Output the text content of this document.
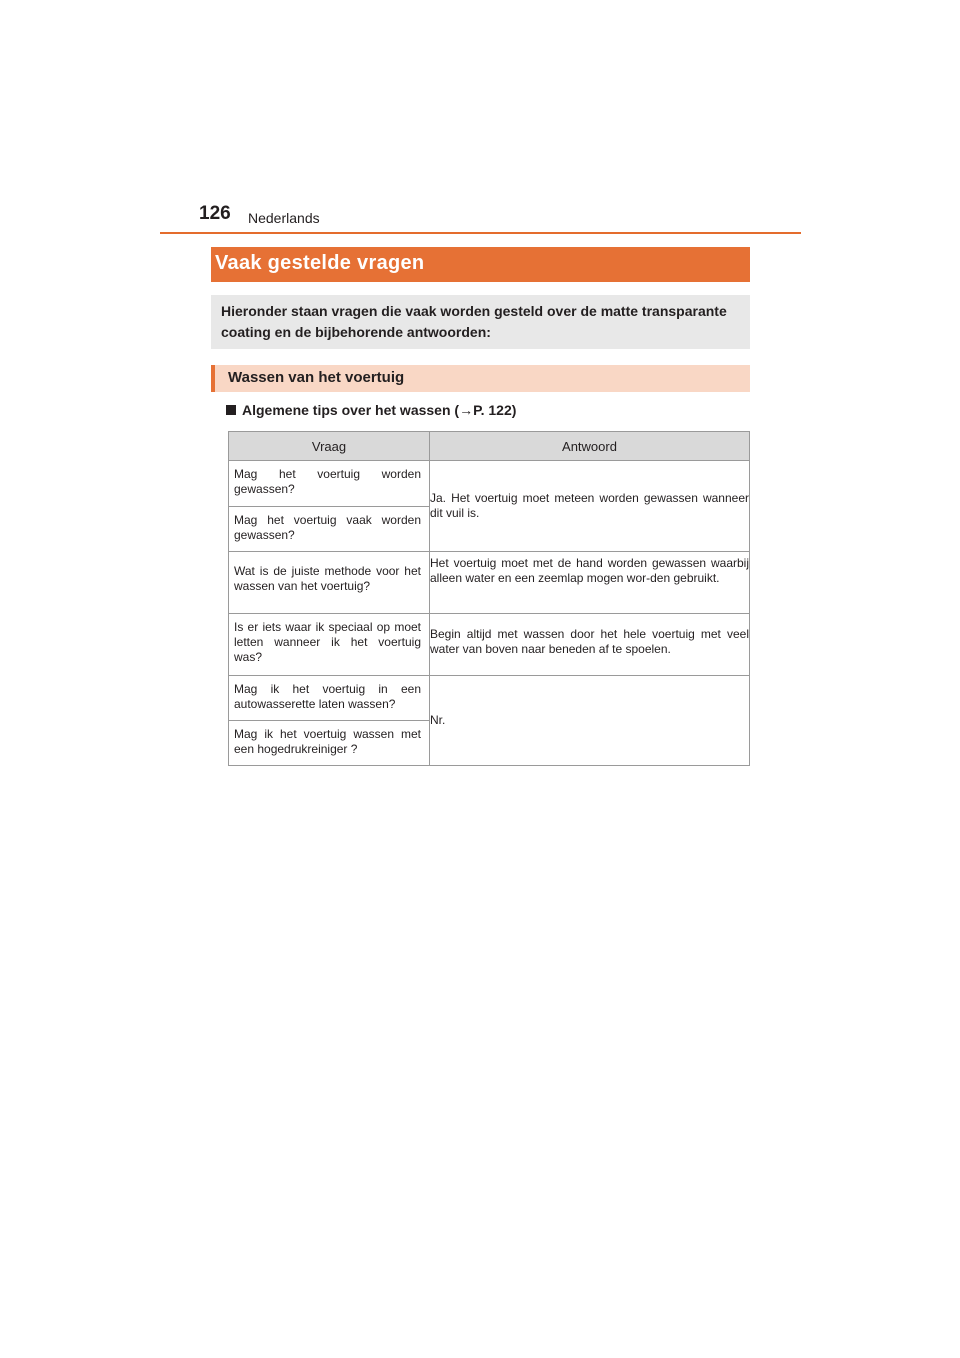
126 Nederlands
Vaak gestelde vragen
Hieronder staan vragen die vaak worden gesteld over de matte transparante coating en de bijbehorende antwoorden:
Wassen van het voertuig
Algemene tips over het wassen (→P. 122)
Vraag	Antwoord

Mag het voertuig worden gewassen?	Ja. Het voertuig moet meteen worden gewassen wanneer dit vuil is.

Mag het voertuig vaak worden gewassen?	

Wat is de juiste methode voor het wassen van het voertuig?	Het voertuig moet met de hand worden gewassen waarbij alleen water en een zeemlap mogen wor-den gebruikt.

Is er iets waar ik speciaal op moet letten wanneer ik het voertuig was?	Begin altijd met wassen door het hele voertuig met veel water van boven naar beneden af te spoelen.

Mag ik het voertuig in een autowasserette laten wassen?	Nr.

Mag ik het voertuig wassen met een hogedrukreiniger ?	
